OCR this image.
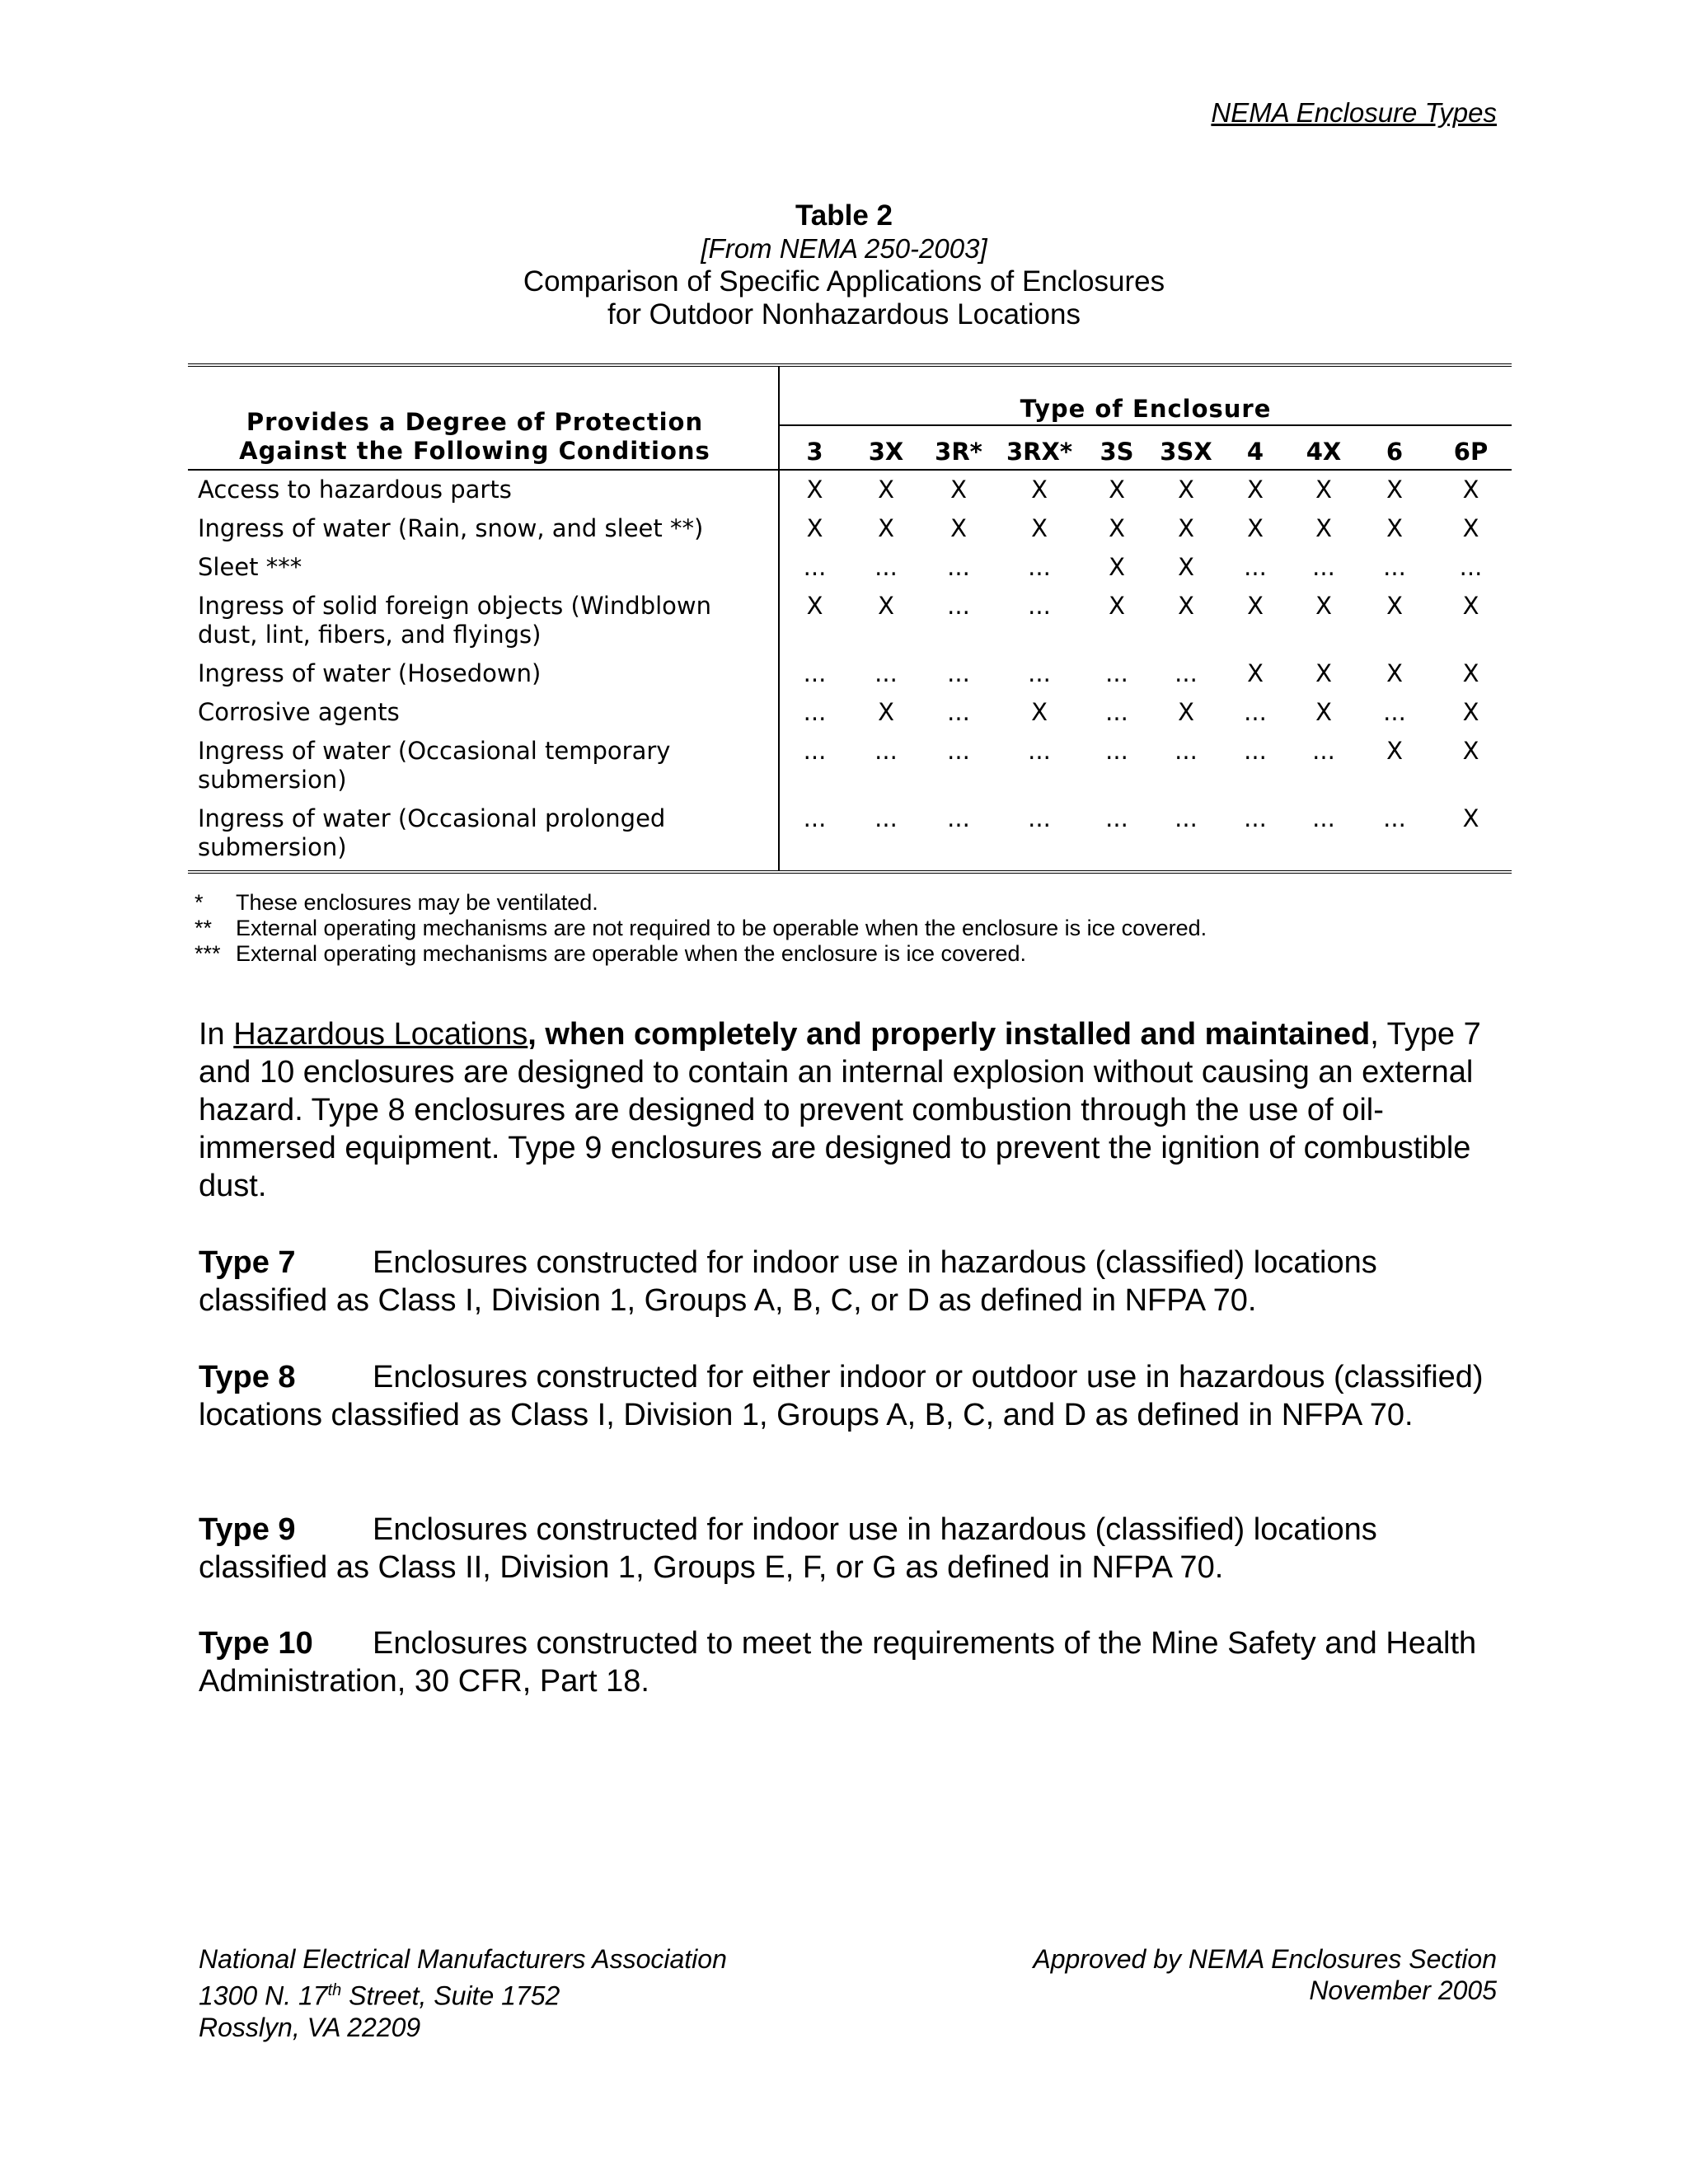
NEMA Enclosure Types
Table 2
[From NEMA 250-2003]
Comparison of Specific Applications of Enclosures
for Outdoor Nonhazardous Locations
Provides a Degree of Protection Against the Following Conditions	Type of Enclosure									
	3	3X	3R*	3RX*	3S	3SX	4	4X	6	6P
Access to hazardous parts	X	X	X	X	X	X	X	X	X	X
Ingress of water (Rain, snow, and sleet **)	X	X	X	X	X	X	X	X	X	X
Sleet ***	...	...	...	...	X	X	...	...	...	...
Ingress of solid foreign objects (Windblown dust, lint, fibers, and flyings)	X	X	...	...	X	X	X	X	X	X
Ingress of water (Hosedown)	...	...	...	...	...	...	X	X	X	X
Corrosive agents	...	X	...	X	...	X	...	X	...	X
Ingress of water (Occasional temporary submersion)	...	...	...	...	...	...	...	...	X	X
Ingress of water (Occasional prolonged submersion)	...	...	...	...	...	...	...	...	...	X
* These enclosures may be ventilated.
** External operating mechanisms are not required to be operable when the enclosure is ice covered.
*** External operating mechanisms are operable when the enclosure is ice covered.
In Hazardous Locations, when completely and properly installed and maintained, Type 7 and 10 enclosures are designed to contain an internal explosion without causing an external hazard. Type 8 enclosures are designed to prevent combustion through the use of oil-immersed equipment. Type 9 enclosures are designed to prevent the ignition of combustible dust.
Type 7 Enclosures constructed for indoor use in hazardous (classified) locations classified as Class I, Division 1, Groups A, B, C, or D as defined in NFPA 70.
Type 8 Enclosures constructed for either indoor or outdoor use in hazardous (classified) locations classified as Class I, Division 1, Groups A, B, C, and D as defined in NFPA 70.
Type 9 Enclosures constructed for indoor use in hazardous (classified) locations classified as Class II, Division 1, Groups E, F, or G as defined in NFPA 70.
Type 10 Enclosures constructed to meet the requirements of the Mine Safety and Health Administration, 30 CFR, Part 18.
National Electrical Manufacturers Association
1300 N. 17th Street, Suite 1752
Rosslyn, VA 22209
Approved by NEMA Enclosures Section
November 2005
